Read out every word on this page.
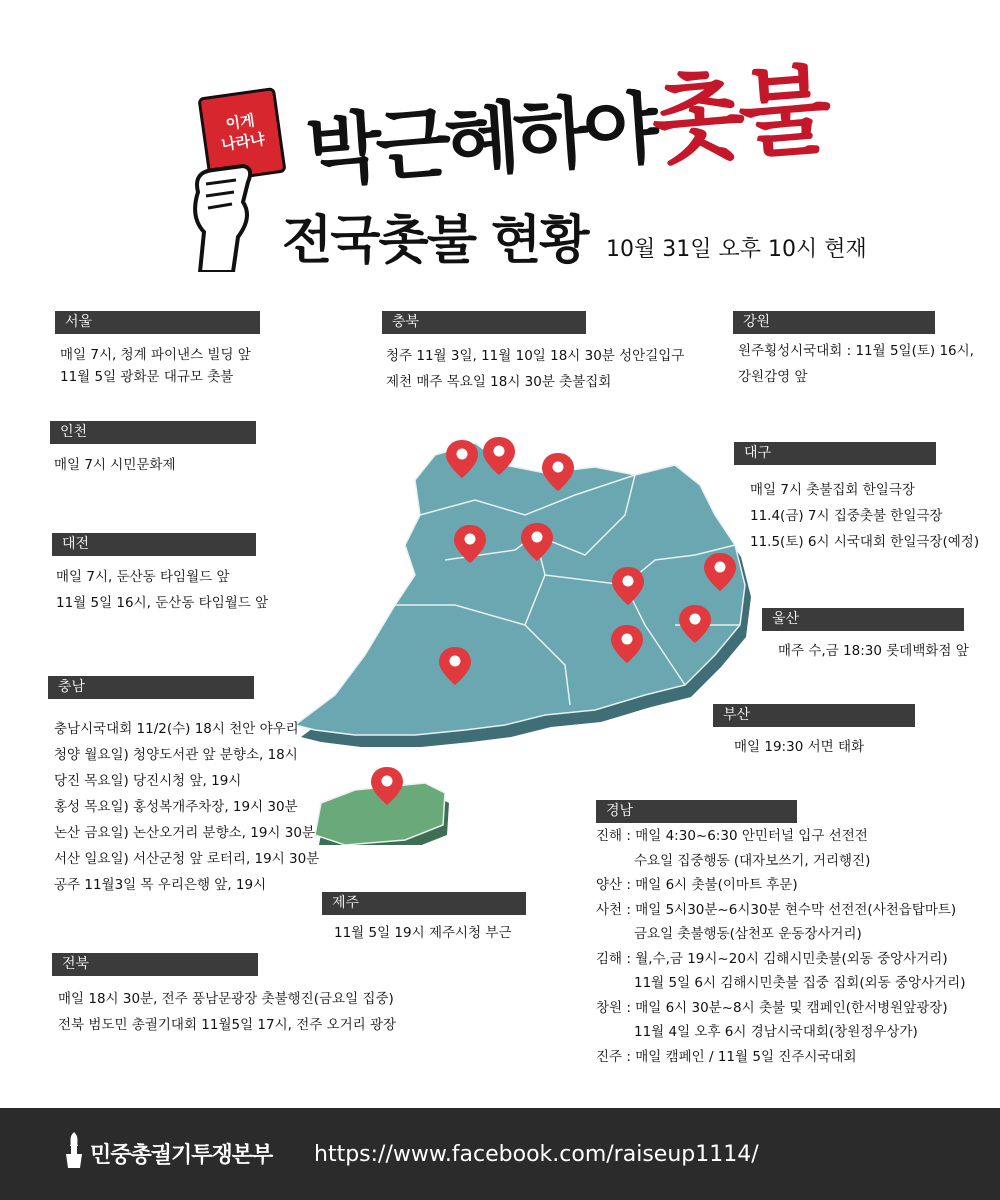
이게
나라냐 박근혜하야촛불
전국촛불 현황 10월 31일 오후 10시 현재
서울
매일 7시, 청계 파이낸스 빌딩 앞
11월 5일 광화문 대규모 촛불
충북
청주 11월 3일, 11월 10일 18시 30분 성안길입구
제천 매주 목요일 18시 30분 촛불집회
강원
원주횡성시국대회 : 11월 5일(토) 16시,
강원감영 앞
인천
매일 7시 시민문화제
대구
매일 7시 촛불집회 한일극장
11.4(금) 7시 집중촛불 한일극장
11.5(토) 6시 시국대회 한일극장(예정)
대전
매일 7시, 둔산동 타임월드 앞
11월 5일 16시, 둔산동 타임월드 앞
울산
매주 수,금 18:30 롯데백화점 앞
충남
충남시국대회 11/2(수) 18시 천안 야우리
청양 월요일) 청양도서관 앞 분향소, 18시
당진 목요일) 당진시청 앞, 19시
홍성 목요일) 홍성복개주차장, 19시 30분
논산 금요일) 논산오거리 분향소, 19시 30분
서산 일요일) 서산군청 앞 로터리, 19시 30분
공주 11월3일 목 우리은행 앞, 19시
부산
매일 19:30 서면 태화
경남
진해 : 매일 4:30~6:30 안민터널 입구 선전전
수요일 집중행동 (대자보쓰기, 거리행진)
양산 : 매일 6시 촛불(이마트 후문)
사천 : 매일 5시30분~6시30분 현수막 선전전(사천읍탑마트)
금요일 촛불행동(삼천포 운동장사거리)
김해 : 월,수,금 19시~20시 김해시민촛불(외동 중앙사거리)
11월 5일 6시 김해시민촛불 집중 집회(외동 중앙사거리)
창원 : 매일 6시 30분~8시 촛불 및 캠페인(한서병원앞광장)
11월 4일 오후 6시 경남시국대회(창원정우상가)
진주 : 매일 캠페인 / 11월 5일 진주시국대회
제주
11월 5일 19시 제주시청 부근
전북
매일 18시 30분, 전주 풍남문광장 촛불행진(금요일 집중)
전북 범도민 총궐기대회 11월5일 17시, 전주 오거리 광장
민중총궐기투쟁본부 https://www.facebook.com/raiseup1114/
